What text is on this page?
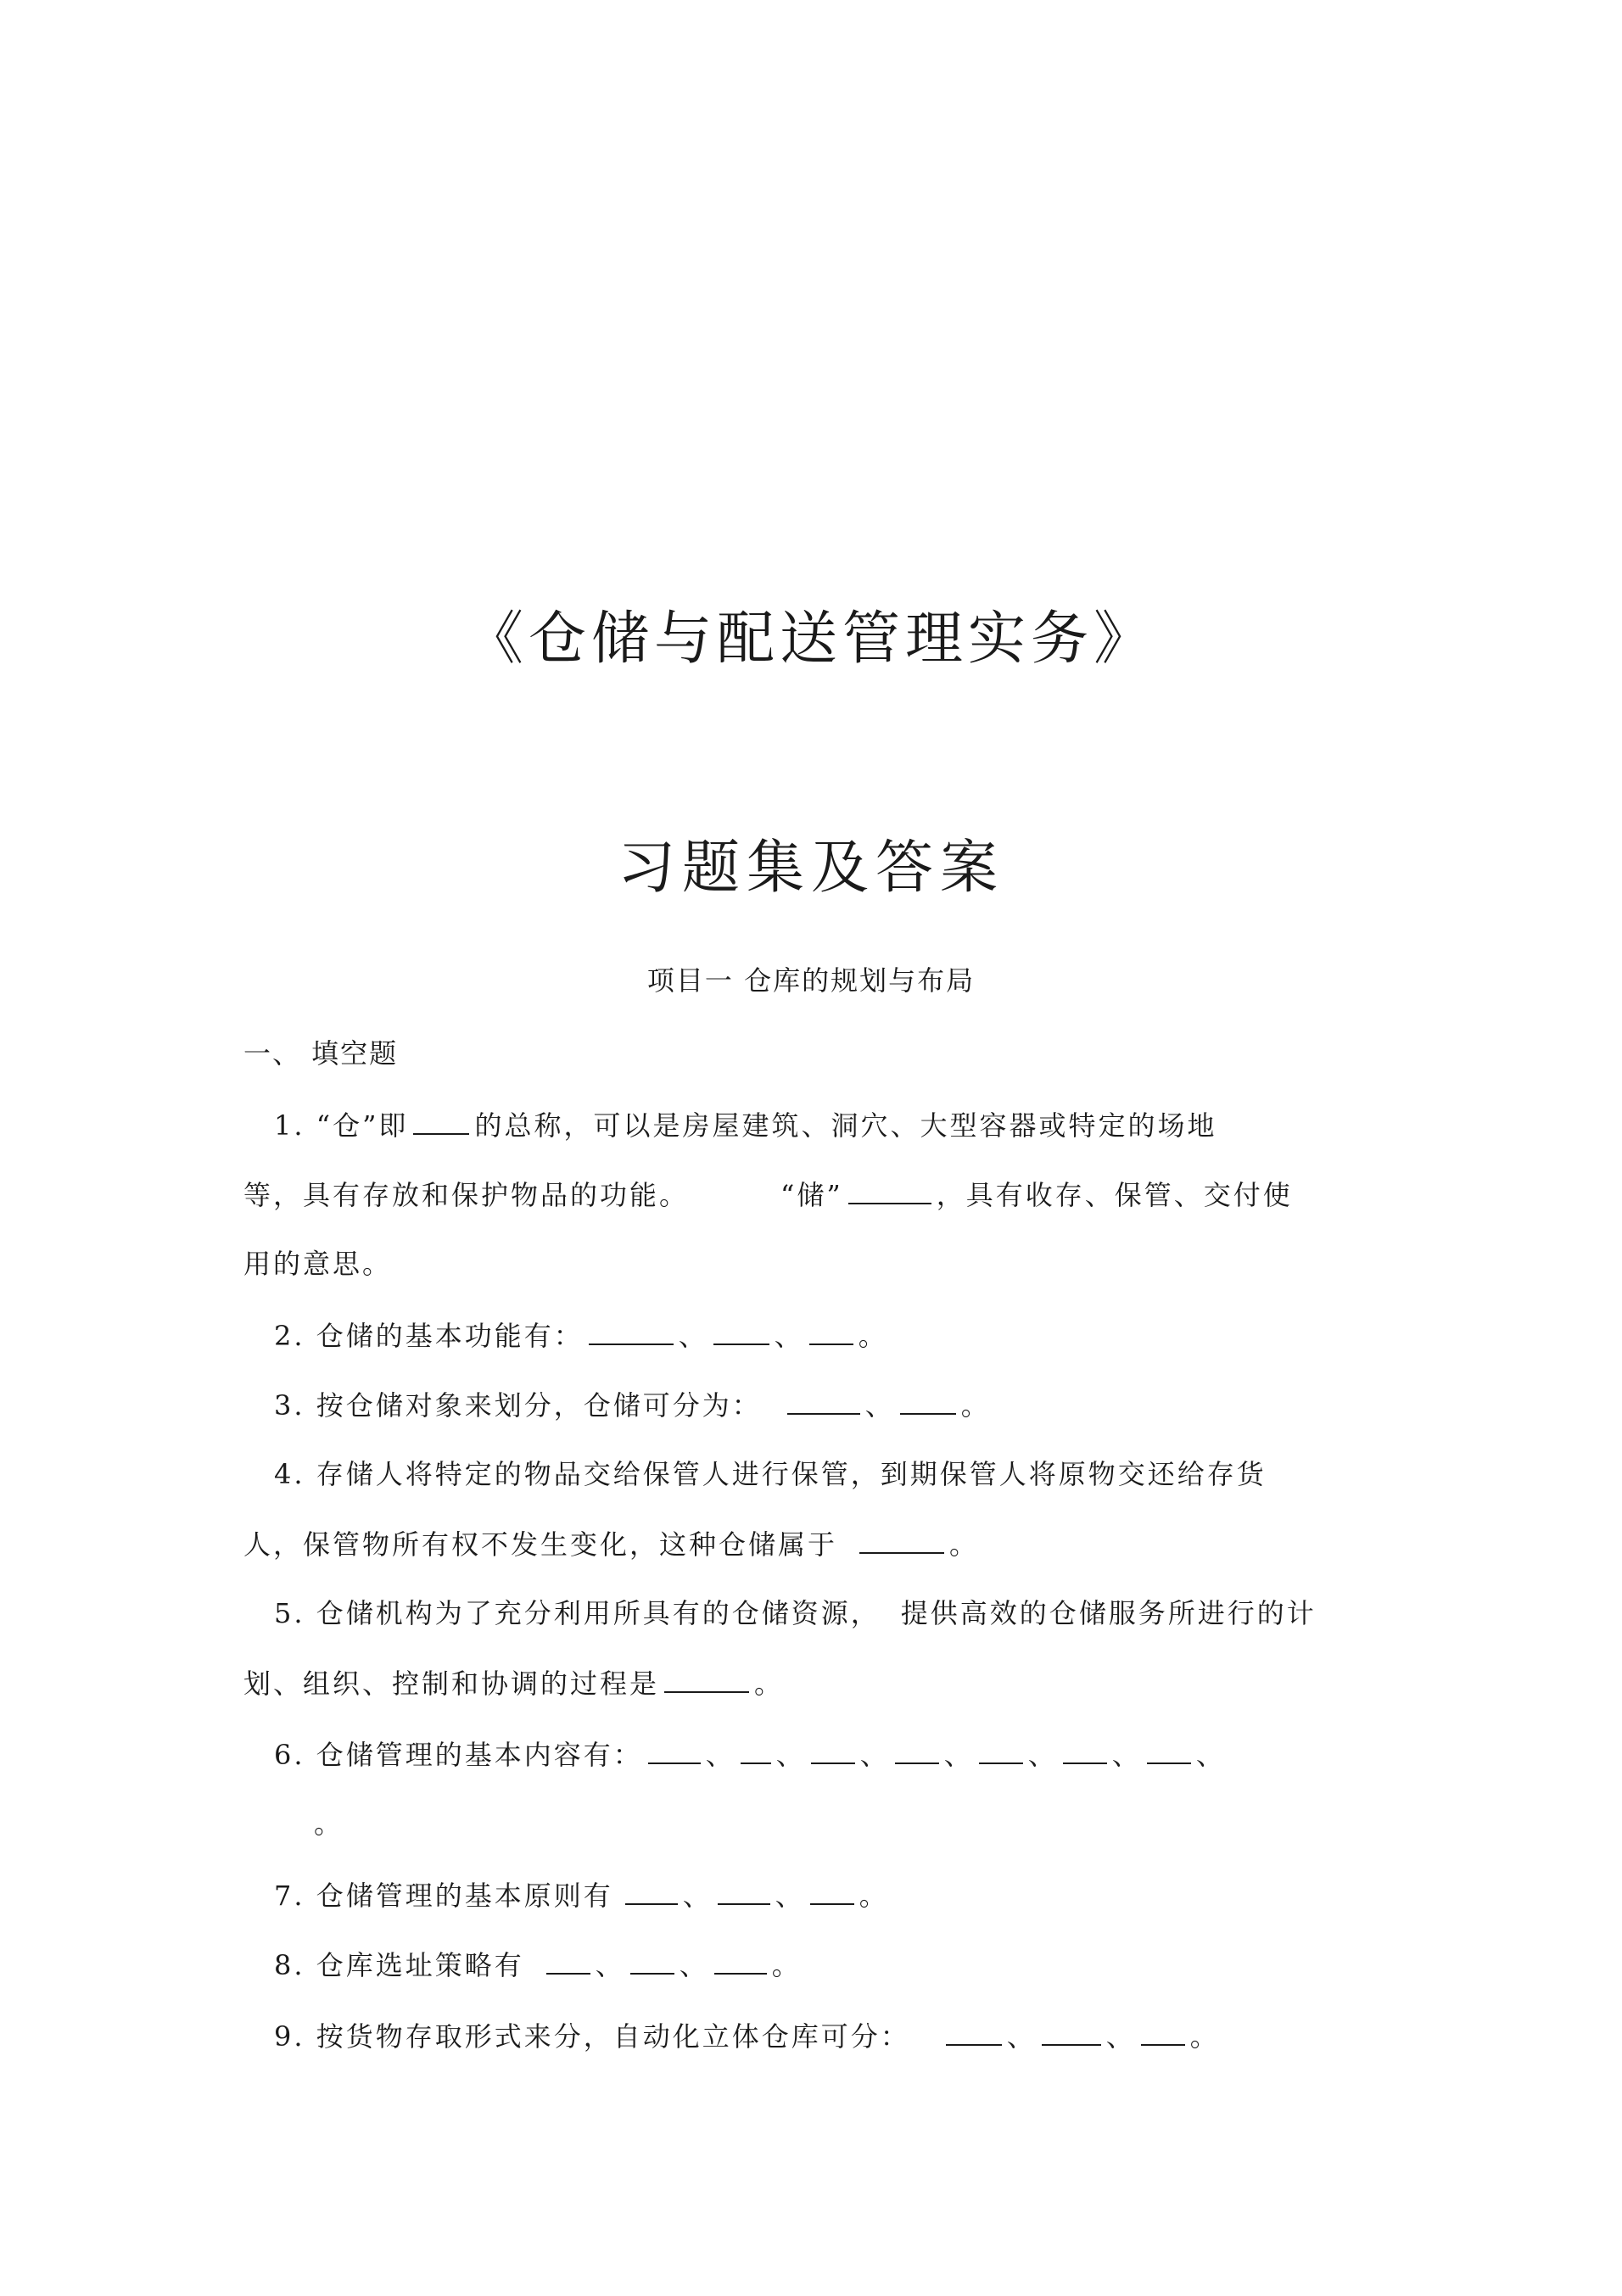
《仓储与配送管理实务》
习题集及答案
项目一 仓库的规划与布局
一、 填空题
1. “仓”即 的总称，可以是房屋建筑、洞穴、大型容器或特定的场地
等，具有存放和保护物品的功能。	“储”	，具有收存、保管、交付使
用的意思。
2. 仓储的基本功能有：	、 、 。
3. 按仓储对象来划分，仓储可分为：	、 。
4. 存储人将特定的物品交给保管人进行保管，到期保管人将原物交还给存货
人，保管物所有权不发生变化，这种仓储属于	。
5. 仓储机构为了充分利用所具有的仓储资源， 提供高效的仓储服务所进行的计
划、组织、控制和协调的过程是	。
6. 仓储管理的基本内容有： 、 、 、 、 、 、 、
。
7. 仓储管理的基本原则有	、 、 。
8. 仓库选址策略有	、 、 。
9. 按货物存取形式来分，自动化立体仓库可分：	、	、 。
